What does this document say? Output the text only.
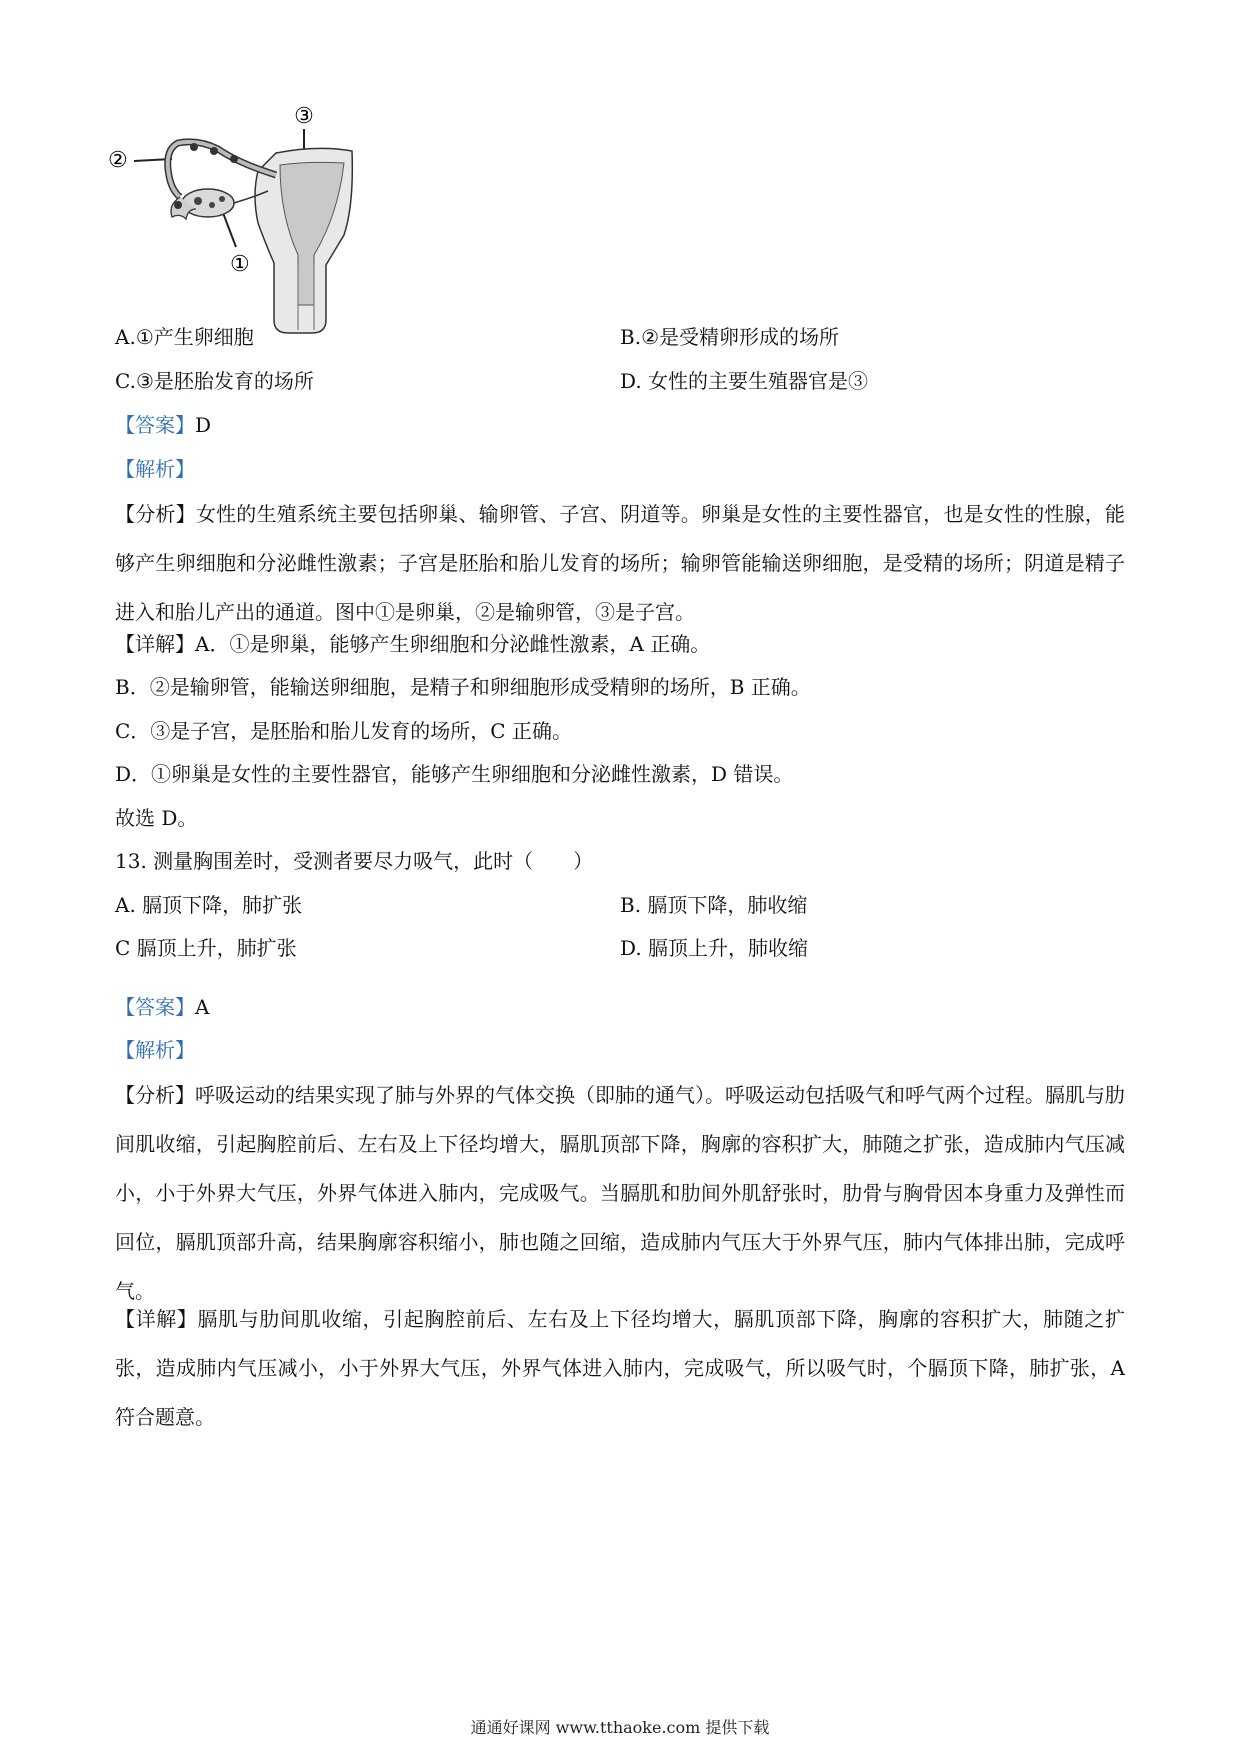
③
②
①
A.①产生卵细胞	B.②是受精卵形成的场所
C.③是胚胎发育的场所	D. 女性的主要生殖器官是③
【答案】D
【解析】
【分析】女性的生殖系统主要包括卵巢、输卵管、子宫、阴道等。卵巢是女性的主要性器官，也是女性的性腺，能够产生卵细胞和分泌雌性激素；子宫是胚胎和胎儿发育的场所；输卵管能输送卵细胞，是受精的场所；阴道是精子进入和胎儿产出的通道。图中①是卵巢，②是输卵管，③是子宫。
【详解】A．①是卵巢，能够产生卵细胞和分泌雌性激素，A 正确。
B．②是输卵管，能输送卵细胞，是精子和卵细胞形成受精卵的场所，B 正确。
C．③是子宫，是胚胎和胎儿发育的场所，C 正确。
D．①卵巢是女性的主要性器官，能够产生卵细胞和分泌雌性激素，D 错误。
故选 D。
13. 测量胸围差时，受测者要尽力吸气，此时（　　）
A. 膈顶下降，肺扩张	B. 膈顶下降，肺收缩
C 膈顶上升，肺扩张	D. 膈顶上升，肺收缩
【答案】A
【解析】
【分析】呼吸运动的结果实现了肺与外界的气体交换（即肺的通气）。呼吸运动包括吸气和呼气两个过程。膈肌与肋间肌收缩，引起胸腔前后、左右及上下径均增大，膈肌顶部下降，胸廓的容积扩大，肺随之扩张，造成肺内气压减小，小于外界大气压，外界气体进入肺内，完成吸气。当膈肌和肋间外肌舒张时，肋骨与胸骨因本身重力及弹性而回位，膈肌顶部升高，结果胸廓容积缩小，肺也随之回缩，造成肺内气压大于外界气压，肺内气体排出肺，完成呼气。
【详解】膈肌与肋间肌收缩，引起胸腔前后、左右及上下径均增大，膈肌顶部下降，胸廓的容积扩大，肺随之扩张，造成肺内气压减小，小于外界大气压，外界气体进入肺内，完成吸气，所以吸气时，个膈顶下降，肺扩张，A 符合题意。
通通好课网 www.tthaoke.com 提供下载
